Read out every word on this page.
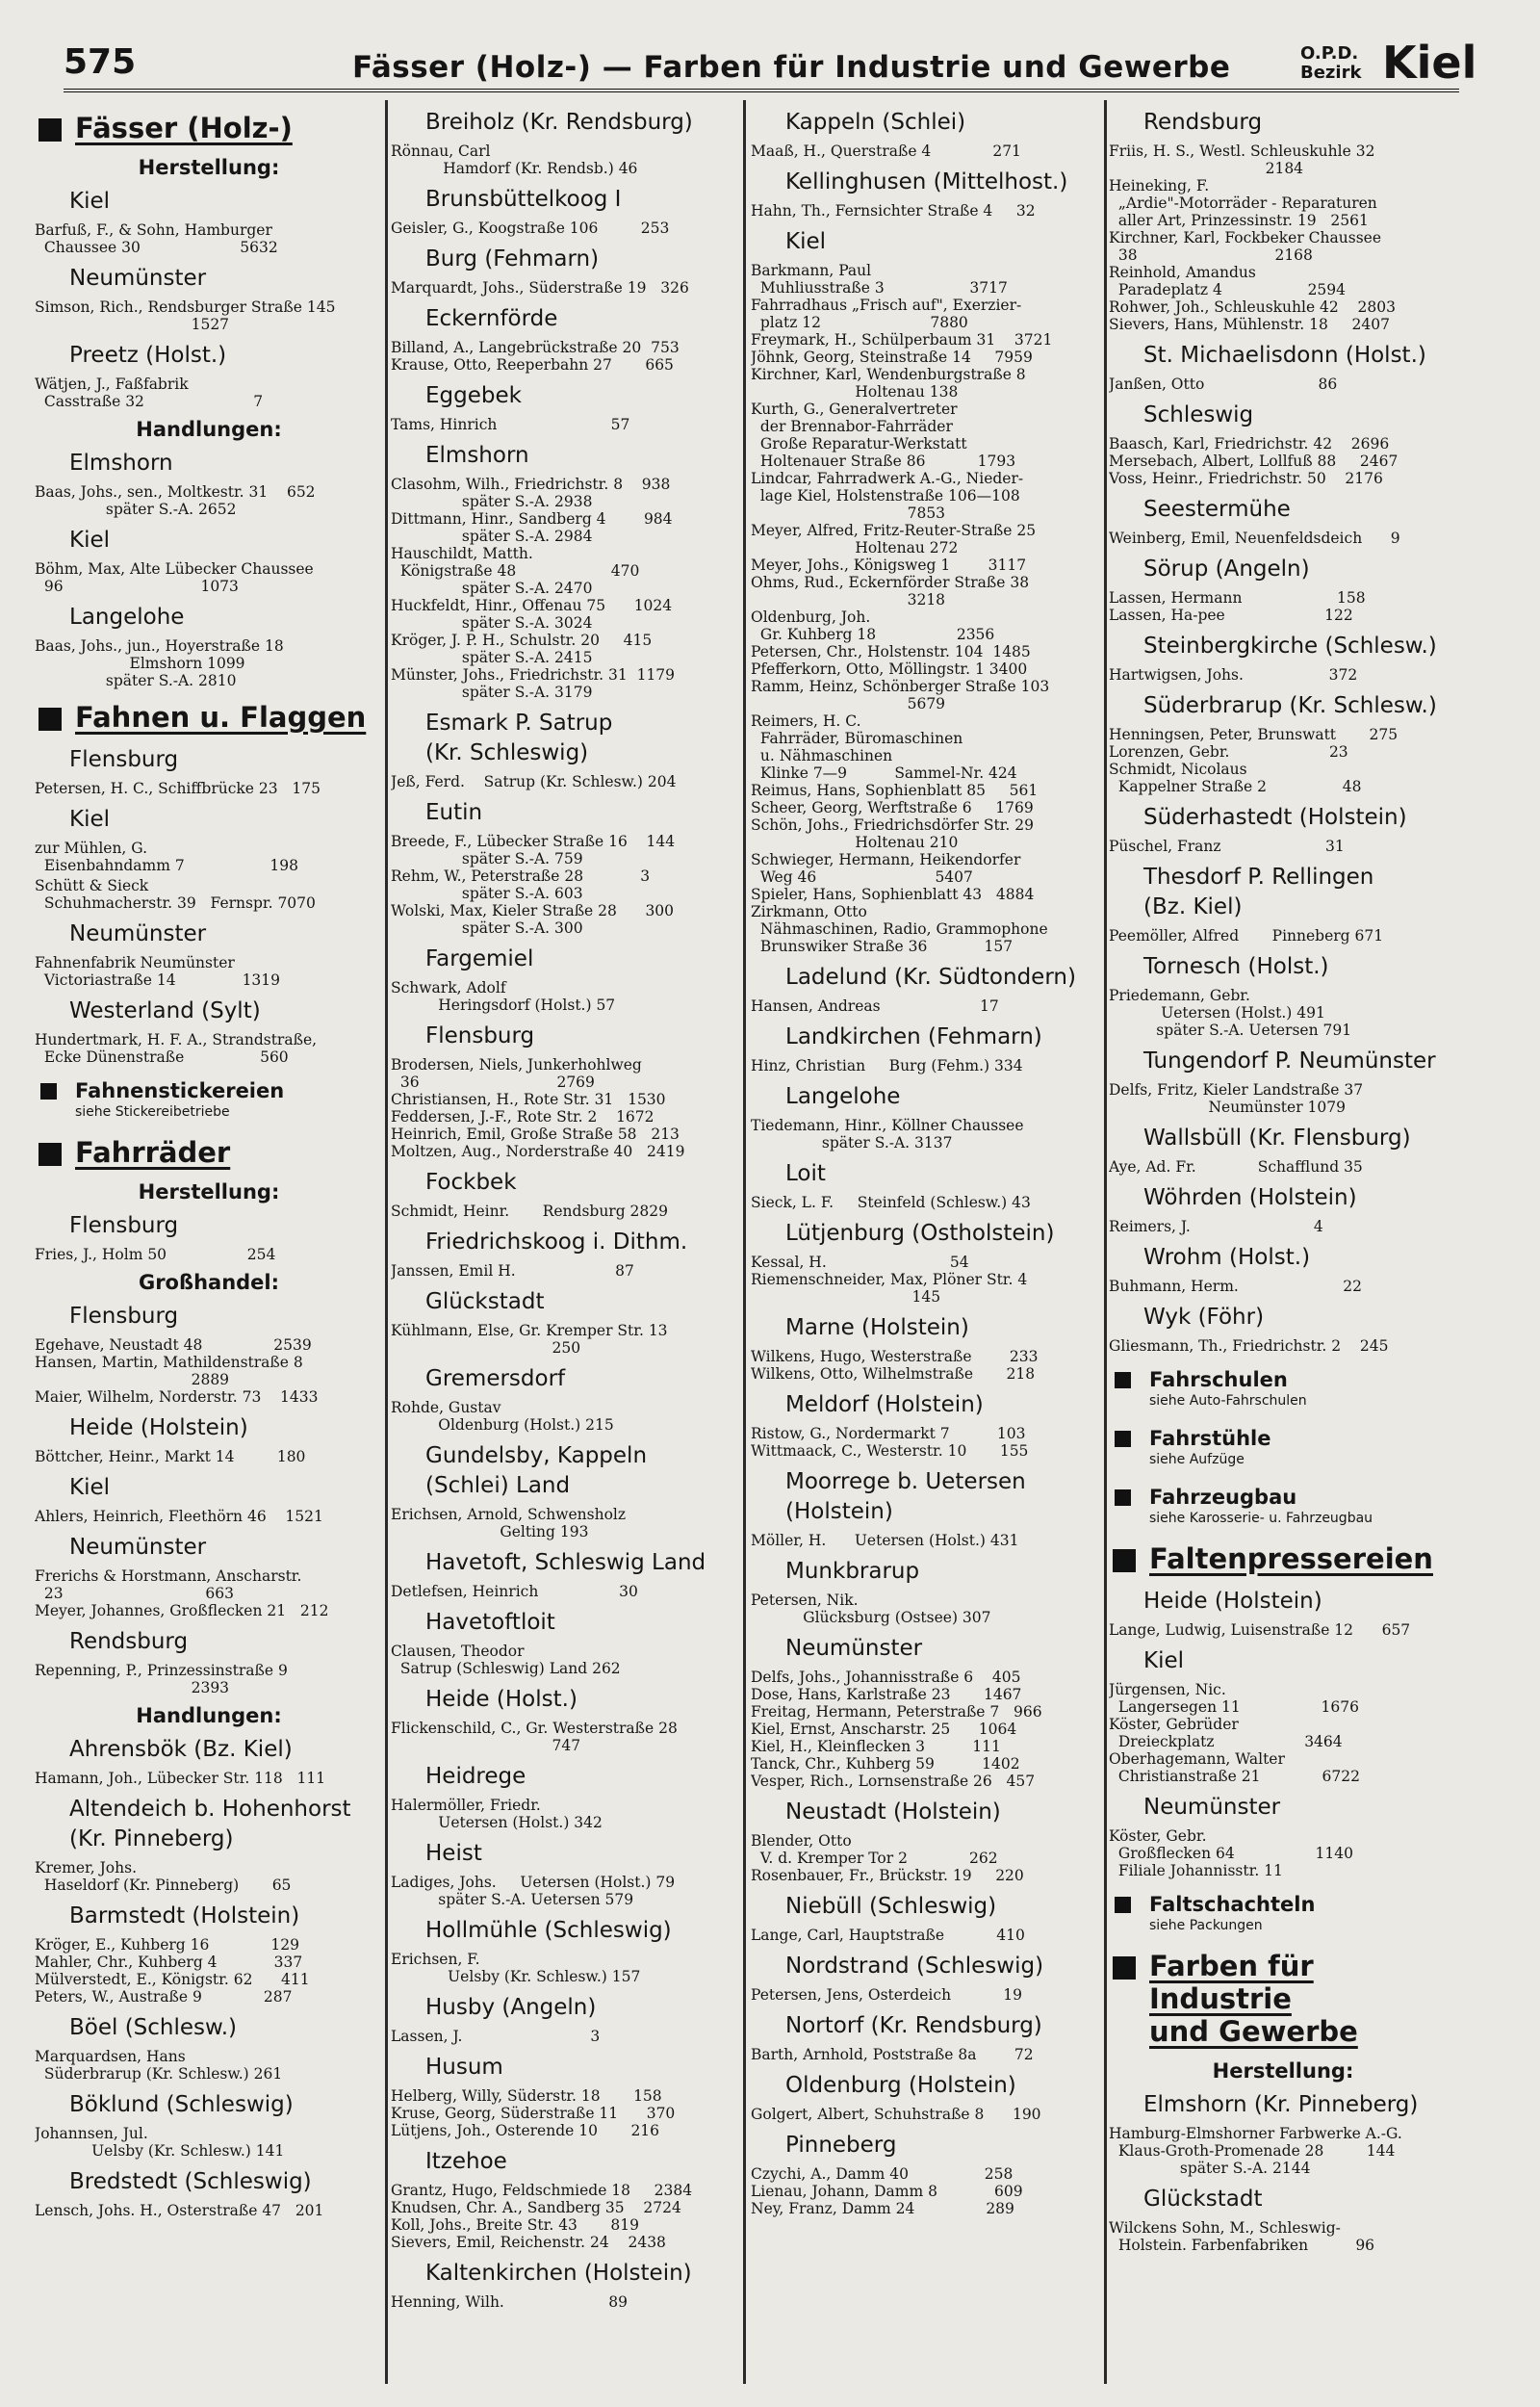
575	Fässer (Holz-) — Farben für Industrie und Gewerbe	O.P.D.
Bezirk Kiel
Fässer (Holz-)
Herstellung:
Kiel
Barfuß, F., & Sohn, Hamburger
Chaussee 30                     5632
Neumünster
Simson, Rich., Rendsburger Straße 145
1527
Preetz (Holst.)
Wätjen, J., Faßfabrik
Casstraße 32                       7
Handlungen:
Elmshorn
Baas, Johs., sen., Moltkestr. 31    652
später S.-A. 2652
Kiel
Böhm, Max, Alte Lübecker Chaussee
96                             1073
Langelohe
Baas, Johs., jun., Hoyerstraße 18
Elmshorn 1099
später S.-A. 2810
Fahnen u. Flaggen
Flensburg
Petersen, H. C., Schiffbrücke 23   175
Kiel
zur Mühlen, G.
Eisenbahndamm 7                  198
Schütt & Sieck
Schuhmacherstr. 39   Fernspr. 7070
Neumünster
Fahnenfabrik Neumünster
Victoriastraße 14              1319
Westerland (Sylt)
Hundertmark, H. F. A., Strandstraße,
Ecke Dünenstraße                560
Fahnenstickereien
siehe Stickereibetriebe
Fahrräder
Herstellung:
Flensburg
Fries, J., Holm 50                 254
Großhandel:
Flensburg
Egehave, Neustadt 48               2539
Hansen, Martin, Mathildenstraße 8
2889
Maier, Wilhelm, Norderstr. 73    1433
Heide (Holstein)
Böttcher, Heinr., Markt 14         180
Kiel
Ahlers, Heinrich, Fleethörn 46    1521
Neumünster
Frerichs & Horstmann, Anscharstr.
23                              663
Meyer, Johannes, Großflecken 21   212
Rendsburg
Repenning, P., Prinzessinstraße 9
2393
Handlungen:
Ahrensbök (Bz. Kiel)
Hamann, Joh., Lübecker Str. 118   111
Altendeich b. Hohenhorst
(Kr. Pinneberg)
Kremer, Johs.
Haseldorf (Kr. Pinneberg)       65
Barmstedt (Holstein)
Kröger, E., Kuhberg 16             129
Mahler, Chr., Kuhberg 4            337
Mülverstedt, E., Königstr. 62      411
Peters, W., Austraße 9             287
Böel (Schlesw.)
Marquardsen, Hans
Süderbrarup (Kr. Schlesw.) 261
Böklund (Schleswig)
Johannsen, Jul.
Uelsby (Kr. Schlesw.) 141
Bredstedt (Schleswig)
Lensch, Johs. H., Osterstraße 47   201
Breiholz (Kr. Rendsburg)
Rönnau, Carl
Hamdorf (Kr. Rendsb.) 46
Brunsbüttelkoog I
Geisler, G., Koogstraße 106         253
Burg (Fehmarn)
Marquardt, Johs., Süderstraße 19   326
Eckernförde
Billand, A., Langebrückstraße 20  753
Krause, Otto, Reeperbahn 27       665
Eggebek
Tams, Hinrich                        57
Elmshorn
Clasohm, Wilh., Friedrichstr. 8    938
später S.-A. 2938
Dittmann, Hinr., Sandberg 4        984
später S.-A. 2984
Hauschildt, Matth.
Königstraße 48                    470
später S.-A. 2470
Huckfeldt, Hinr., Offenau 75      1024
später S.-A. 3024
Kröger, J. P. H., Schulstr. 20     415
später S.-A. 2415
Münster, Johs., Friedrichstr. 31  1179
später S.-A. 3179
Esmark P. Satrup
(Kr. Schleswig)
Jeß, Ferd.    Satrup (Kr. Schlesw.) 204
Eutin
Breede, F., Lübecker Straße 16    144
später S.-A. 759
Rehm, W., Peterstraße 28            3
später S.-A. 603
Wolski, Max, Kieler Straße 28      300
später S.-A. 300
Fargemiel
Schwark, Adolf
Heringsdorf (Holst.) 57
Flensburg
Brodersen, Niels, Junkerhohlweg
36                             2769
Christiansen, H., Rote Str. 31   1530
Feddersen, J.-F., Rote Str. 2    1672
Heinrich, Emil, Große Straße 58   213
Moltzen, Aug., Norderstraße 40   2419
Fockbek
Schmidt, Heinr.       Rendsburg 2829
Friedrichskoog i. Dithm.
Janssen, Emil H.                     87
Glückstadt
Kühlmann, Else, Gr. Kremper Str. 13
250
Gremersdorf
Rohde, Gustav
Oldenburg (Holst.) 215
Gundelsby, Kappeln
(Schlei) Land
Erichsen, Arnold, Schwensholz
Gelting 193
Havetoft, Schleswig Land
Detlefsen, Heinrich                 30
Havetoftloit
Clausen, Theodor
Satrup (Schleswig) Land 262
Heide (Holst.)
Flickenschild, C., Gr. Westerstraße 28
747
Heidrege
Halermöller, Friedr.
Uetersen (Holst.) 342
Heist
Ladiges, Johs.     Uetersen (Holst.) 79
später S.-A. Uetersen 579
Hollmühle (Schleswig)
Erichsen, F.
Uelsby (Kr. Schlesw.) 157
Husby (Angeln)
Lassen, J.                           3
Husum
Helberg, Willy, Süderstr. 18       158
Kruse, Georg, Süderstraße 11      370
Lütjens, Joh., Osterende 10       216
Itzehoe
Grantz, Hugo, Feldschmiede 18     2384
Knudsen, Chr. A., Sandberg 35    2724
Koll, Johs., Breite Str. 43       819
Sievers, Emil, Reichenstr. 24    2438
Kaltenkirchen (Holstein)
Henning, Wilh.                      89
Kappeln (Schlei)
Maaß, H., Querstraße 4             271
Kellinghusen (Mittelhost.)
Hahn, Th., Fernsichter Straße 4     32
Kiel
Barkmann, Paul
Muhliusstraße 3                  3717
Fahrradhaus „Frisch auf", Exerzier-
platz 12                       7880
Freymark, H., Schülperbaum 31    3721
Jöhnk, Georg, Steinstraße 14     7959
Kirchner, Karl, Wendenburgstraße 8
Holtenau 138
Kurth, G., Generalvertreter
der Brennabor-Fahrräder
Große Reparatur-Werkstatt
Holtenauer Straße 86           1793
Lindcar, Fahrradwerk A.-G., Nieder-
lage Kiel, Holstenstraße 106—108
7853
Meyer, Alfred, Fritz-Reuter-Straße 25
Holtenau 272
Meyer, Johs., Königsweg 1        3117
Ohms, Rud., Eckernförder Straße 38
3218
Oldenburg, Joh.
Gr. Kuhberg 18                 2356
Petersen, Chr., Holstenstr. 104  1485
Pfefferkorn, Otto, Möllingstr. 1 3400
Ramm, Heinz, Schönberger Straße 103
5679
Reimers, H. C.
Fahrräder, Büromaschinen
u. Nähmaschinen
Klinke 7—9          Sammel-Nr. 424
Reimus, Hans, Sophienblatt 85     561
Scheer, Georg, Werftstraße 6     1769
Schön, Johs., Friedrichsdörfer Str. 29
Holtenau 210
Schwieger, Hermann, Heikendorfer
Weg 46                         5407
Spieler, Hans, Sophienblatt 43   4884
Zirkmann, Otto
Nähmaschinen, Radio, Grammophone
Brunswiker Straße 36            157
Ladelund (Kr. Südtondern)
Hansen, Andreas                     17
Landkirchen (Fehmarn)
Hinz, Christian     Burg (Fehm.) 334
Langelohe
Tiedemann, Hinr., Köllner Chaussee
später S.-A. 3137
Loit
Sieck, L. F.     Steinfeld (Schlesw.) 43
Lütjenburg (Ostholstein)
Kessal, H.                          54
Riemenschneider, Max, Plöner Str. 4
145
Marne (Holstein)
Wilkens, Hugo, Westerstraße        233
Wilkens, Otto, Wilhelmstraße       218
Meldorf (Holstein)
Ristow, G., Nordermarkt 7          103
Wittmaack, C., Westerstr. 10       155
Moorrege b. Uetersen
(Holstein)
Möller, H.      Uetersen (Holst.) 431
Munkbrarup
Petersen, Nik.
Glücksburg (Ostsee) 307
Neumünster
Delfs, Johs., Johannisstraße 6    405
Dose, Hans, Karlstraße 23       1467
Freitag, Hermann, Peterstraße 7   966
Kiel, Ernst, Anscharstr. 25      1064
Kiel, H., Kleinflecken 3          111
Tanck, Chr., Kuhberg 59          1402
Vesper, Rich., Lornsenstraße 26   457
Neustadt (Holstein)
Blender, Otto
V. d. Kremper Tor 2             262
Rosenbauer, Fr., Brückstr. 19     220
Niebüll (Schleswig)
Lange, Carl, Hauptstraße           410
Nordstrand (Schleswig)
Petersen, Jens, Osterdeich           19
Nortorf (Kr. Rendsburg)
Barth, Arnhold, Poststraße 8a        72
Oldenburg (Holstein)
Golgert, Albert, Schuhstraße 8      190
Pinneberg
Czychi, A., Damm 40                258
Lienau, Johann, Damm 8            609
Ney, Franz, Damm 24               289
Rendsburg
Friis, H. S., Westl. Schleuskuhle 32
2184
Heineking, F.
„Ardie"-Motorräder - Reparaturen
aller Art, Prinzessinstr. 19   2561
Kirchner, Karl, Fockbeker Chaussee
38                             2168
Reinhold, Amandus
Paradeplatz 4                  2594
Rohwer, Joh., Schleuskuhle 42    2803
Sievers, Hans, Mühlenstr. 18     2407
St. Michaelisdonn (Holst.)
Janßen, Otto                        86
Schleswig
Baasch, Karl, Friedrichstr. 42    2696
Mersebach, Albert, Lollfuß 88     2467
Voss, Heinr., Friedrichstr. 50    2176
Seestermühe
Weinberg, Emil, Neuenfeldsdeich      9
Sörup (Angeln)
Lassen, Hermann                    158
Lassen, Ha-pee                     122
Steinbergkirche (Schlesw.)
Hartwigsen, Johs.                  372
Süderbrarup (Kr. Schlesw.)
Henningsen, Peter, Brunswatt       275
Lorenzen, Gebr.                     23
Schmidt, Nicolaus
Kappelner Straße 2                48
Süderhastedt (Holstein)
Püschel, Franz                      31
Thesdorf P. Rellingen
(Bz. Kiel)
Peemöller, Alfred       Pinneberg 671
Tornesch (Holst.)
Priedemann, Gebr.
Uetersen (Holst.) 491
später S.-A. Uetersen 791
Tungendorf P. Neumünster
Delfs, Fritz, Kieler Landstraße 37
Neumünster 1079
Wallsbüll (Kr. Flensburg)
Aye, Ad. Fr.             Schafflund 35
Wöhrden (Holstein)
Reimers, J.                          4
Wrohm (Holst.)
Buhmann, Herm.                      22
Wyk (Föhr)
Gliesmann, Th., Friedrichstr. 2    245
Fahrschulen
siehe Auto-Fahrschulen
Fahrstühle
siehe Aufzüge
Fahrzeugbau
siehe Karosserie- u. Fahrzeugbau
Faltenpressereien
Heide (Holstein)
Lange, Ludwig, Luisenstraße 12      657
Kiel
Jürgensen, Nic.
Langersegen 11                 1676
Köster, Gebrüder
Dreieckplatz                   3464
Oberhagemann, Walter
Christianstraße 21             6722
Neumünster
Köster, Gebr.
Großflecken 64                 1140
Filiale Johannisstr. 11
Faltschachteln
siehe Packungen
Farben für Industrie
und Gewerbe
Herstellung:
Elmshorn (Kr. Pinneberg)
Hamburg-Elmshorner Farbwerke A.-G.
Klaus-Groth-Promenade 28         144
später S.-A. 2144
Glückstadt
Wilckens Sohn, M., Schleswig-
Holstein. Farbenfabriken          96
